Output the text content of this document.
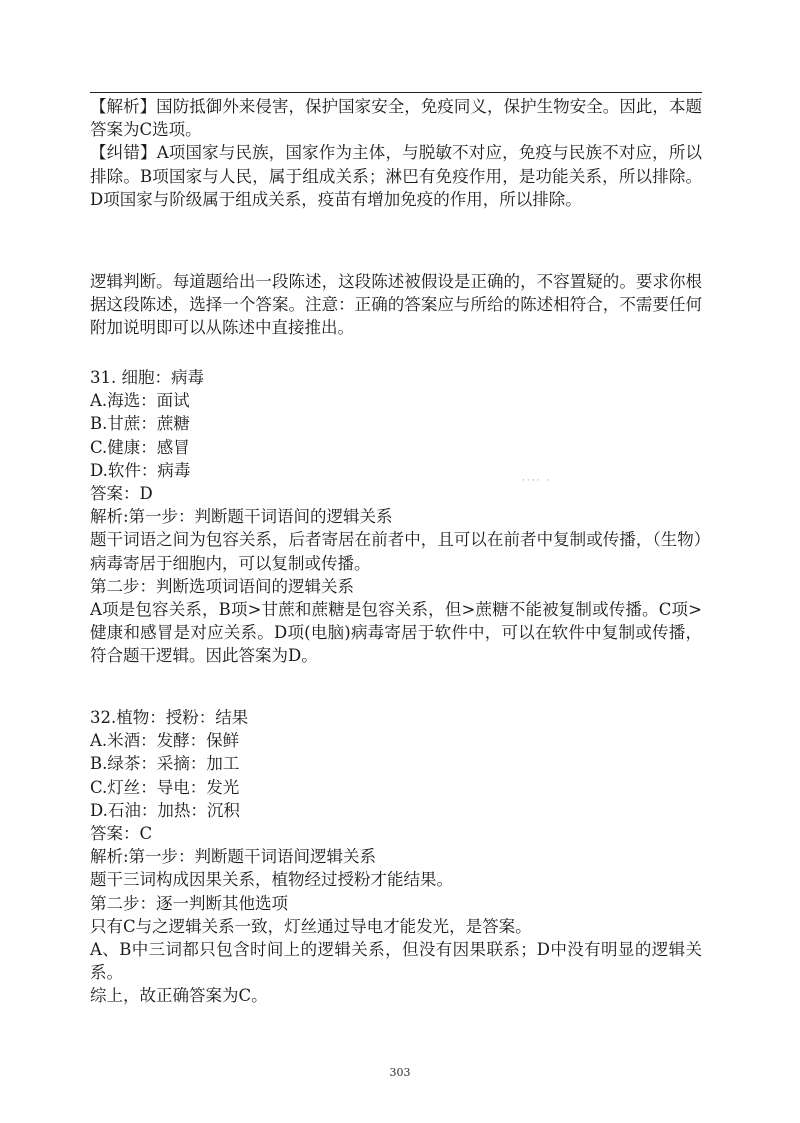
【解析】国防抵御外来侵害，保护国家安全，免疫同义，保护生物安全。因此，本题答案为C选项。

【纠错】A项国家与民族，国家作为主体，与脱敏不对应，免疫与民族不对应，所以排除。B项国家与人民，属于组成关系；淋巴有免疫作用，是功能关系，所以排除。D项国家与阶级属于组成关系，疫苗有增加免疫的作用，所以排除。

逻辑判断。每道题给出一段陈述，这段陈述被假设是正确的，不容置疑的。要求你根据这段陈述，选择一个答案。注意：正确的答案应与所给的陈述相符合，不需要任何附加说明即可以从陈述中直接推出。

31. 细胞：病毒

A.海选：面试

B.甘蔗：蔗糖

C.健康：感冒

D.软件：病毒

答案：D

解析:第一步：判断题干词语间的逻辑关系

题干词语之间为包容关系，后者寄居在前者中，且可以在前者中复制或传播，（生物）病毒寄居于细胞内，可以复制或传播。

第二步：判断选项词语间的逻辑关系

A项是包容关系，B项>甘蔗和蔗糖是包容关系，但>蔗糖不能被复制或传播。C项>健康和感冒是对应关系。D项(电脑)病毒寄居于软件中，可以在软件中复制或传播，符合题干逻辑。因此答案为D。

···· ·

32.植物：授粉：结果

A.米酒：发酵：保鲜

B.绿茶：采摘：加工

C.灯丝：导电：发光

D.石油：加热：沉积

答案：C

解析:第一步：判断题干词语间逻辑关系

题干三词构成因果关系，植物经过授粉才能结果。

第二步：逐一判断其他选项

只有C与之逻辑关系一致，灯丝通过导电才能发光，是答案。

A、B中三词都只包含时间上的逻辑关系，但没有因果联系；D中没有明显的逻辑关系。

综上，故正确答案为C。

303
